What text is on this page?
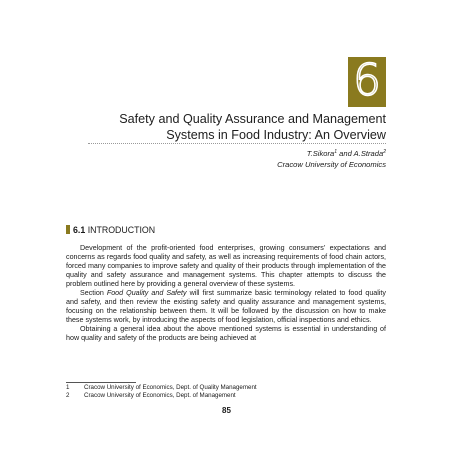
6
Safety and Quality Assurance and Management
Systems in Food Industry: An Overview
T.Sikora$^1$ and A.Strada$^2$
Cracow University of Economics
6.1 INTRODUCTION

Development of the profit-oriented food enterprises, growing consumers’ expectations and concerns as regards food quality and safety, as well as increasing requirements of food chain actors, forced many companies to improve safety and quality of their products through implementation of the quality and safety assurance and management systems. This chapter attempts to discuss the problem outlined here by providing a general overview of these systems.

Section Food Quality and Safety will first summarize basic terminology related to food quality and safety, and then review the existing safety and quality assurance and management systems, focusing on the relationship between them. It will be followed by the discussion on how to make these systems work, by introducing the aspects of food legislation, official inspections and ethics.

Obtaining a general idea about the above mentioned systems is essential in understanding of how quality and safety of the products are being achieved at

1 Cracow University of Economics, Dept. of Quality Management
2 Cracow University of Economics, Dept. of Management
85
